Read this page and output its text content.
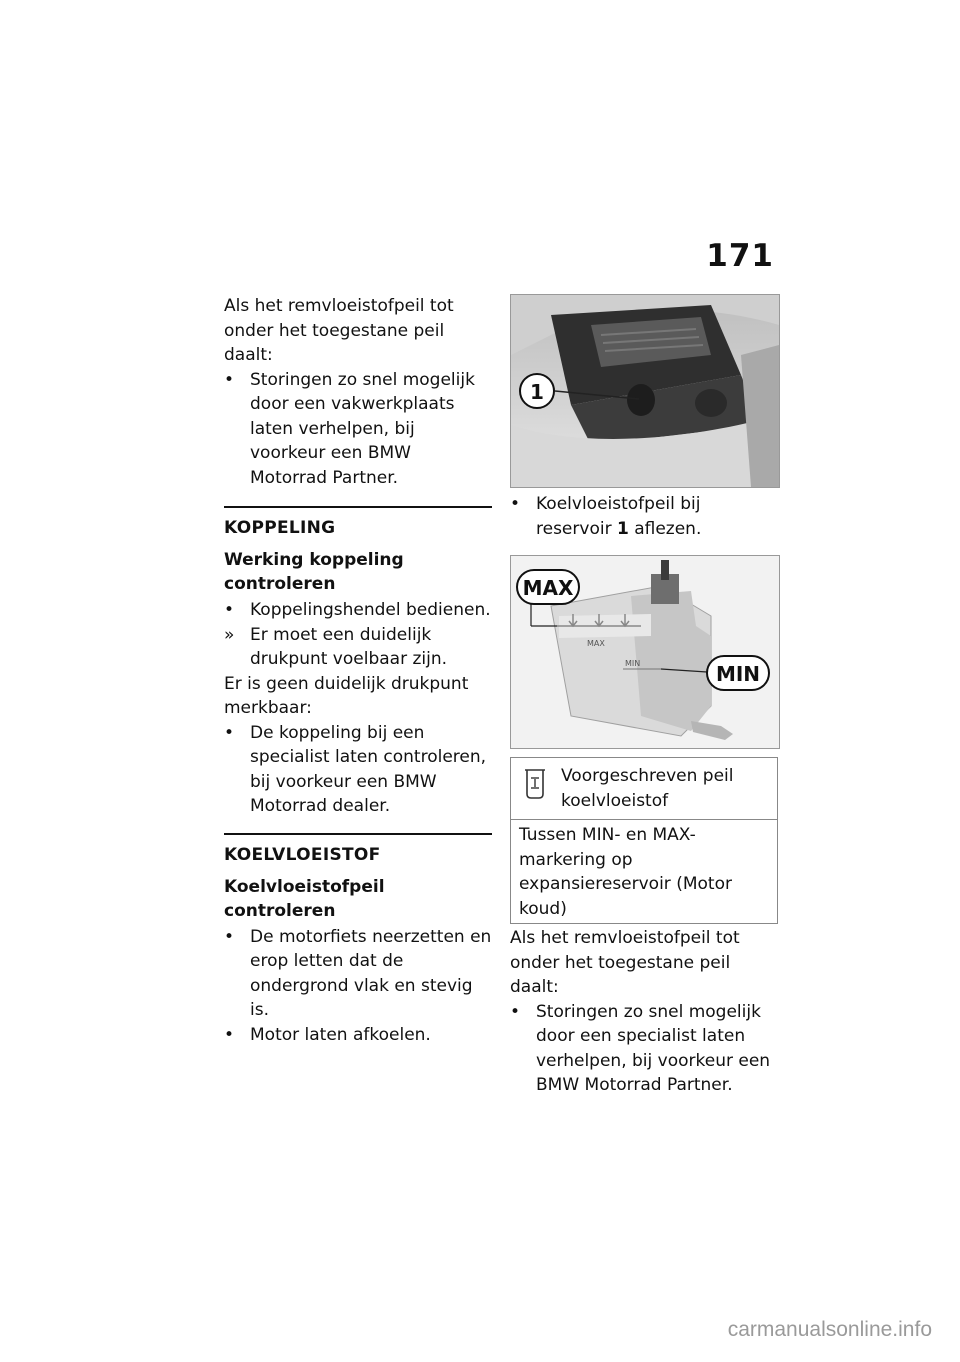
171

Als het remvloeistofpeil tot onder het toegestane peil daalt:

• Storingen zo snel mogelijk door een vakwerkplaats laten verhelpen, bij voorkeur een BMW Motorrad Partner.
KOPPELING
Werking koppeling controleren
• Koppelingshendel bedienen.
» Er moet een duidelijk drukpunt voelbaar zijn.

Er is geen duidelijk drukpunt merkbaar:

• De koppeling bij een specialist laten controleren, bij voorkeur een BMW Motorrad dealer.
KOELVLOEISTOF
Koelvloeistofpeil controleren
• De motorfiets neerzetten en erop letten dat de ondergrond vlak en stevig is.
• Motor laten afkoelen.
1
• Koelvloeistofpeil bij reservoir 1 aflezen.
MAX
MIN
MAX
MIN

Voorgeschreven peil koelvloeistof

Tussen MIN- en MAX-markering op expansiereservoir (Motor koud)

Als het remvloeistofpeil tot onder het toegestane peil daalt:

• Storingen zo snel mogelijk door een specialist laten verhelpen, bij voorkeur een BMW Motorrad Partner.
carmanualsonline.info
